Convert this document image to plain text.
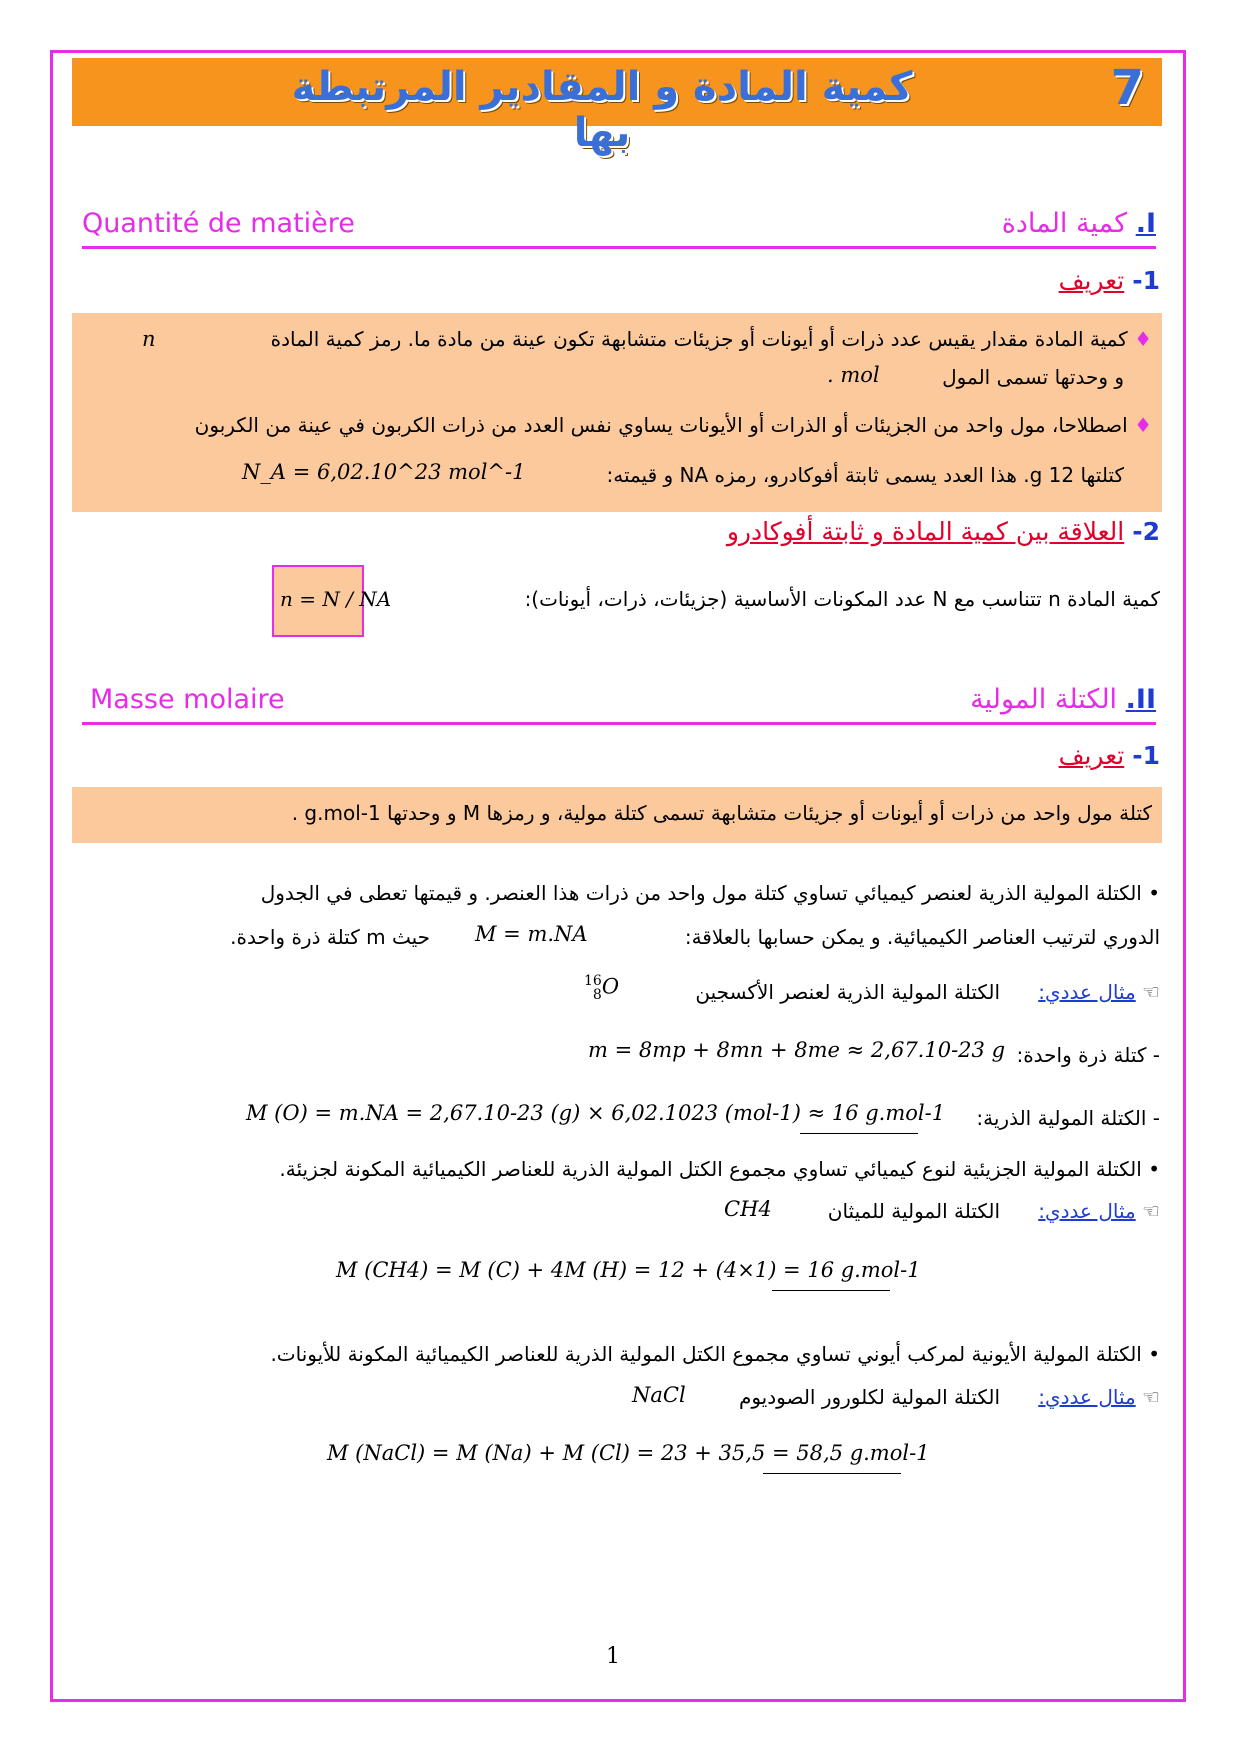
كمية المادة و المقادير المرتبطة بها
7
I. كمية المادة
Quantité de matière
1- تعريف
♦ كمية المادة مقدار يقيس عدد ذرات أو أيونات أو جزيئات متشابهة تكون عينة من مادة ما. رمز كمية المادة
n
و وحدتها تسمى المول
. mol
♦ اصطلاحا، مول واحد من الجزيئات أو الذرات أو الأيونات يساوي نفس العدد من ذرات الكربون في عينة من الكربون
كتلتها 12 g. هذا العدد يسمى ثابتة أفوكادرو، رمزه NA و قيمته:
N_A = 6,02.10^23 mol^-1
2- العلاقة بين كمية المادة و ثابتة أفوكادرو
كمية المادة n تتناسب مع N عدد المكونات الأساسية (جزيئات، ذرات، أيونات):
n = N / NA
II. الكتلة المولية
Masse molaire
1- تعريف
كتلة مول واحد من ذرات أو أيونات أو جزيئات متشابهة تسمى كتلة مولية، و رمزها M و وحدتها g.mol-1 .
• الكتلة المولية الذرية لعنصر كيميائي تساوي كتلة مول واحد من ذرات هذا العنصر. و قيمتها تعطى في الجدول
الدوري لترتيب العناصر الكيميائية. و يمكن حسابها بالعلاقة:
M = m.NA
حيث m كتلة ذرة واحدة.
☜ مثال عددي:      الكتلة المولية الذرية لعنصر الأكسجين
16
8 O
- كتلة ذرة واحدة:
m = 8mp + 8mn + 8me ≈ 2,67.10-23 g
- الكتلة المولية الذرية:
M (O) = m.NA = 2,67.10-23 (g) × 6,02.1023 (mol-1) ≈ 16 g.mol-1
• الكتلة المولية الجزيئية لنوع كيميائي تساوي مجموع الكتل المولية الذرية للعناصر الكيميائية المكونة لجزيئة.
☜ مثال عددي:      الكتلة المولية للميثان
CH4
M (CH4) = M (C) + 4M (H) = 12 + (4×1) = 16 g.mol-1
• الكتلة المولية الأيونية لمركب أيوني تساوي مجموع الكتل المولية الذرية للعناصر الكيميائية المكونة للأيونات.
☜ مثال عددي:      الكتلة المولية لكلورور الصوديوم
NaCl
M (NaCl) = M (Na) + M (Cl) = 23 + 35,5 = 58,5 g.mol-1
1
